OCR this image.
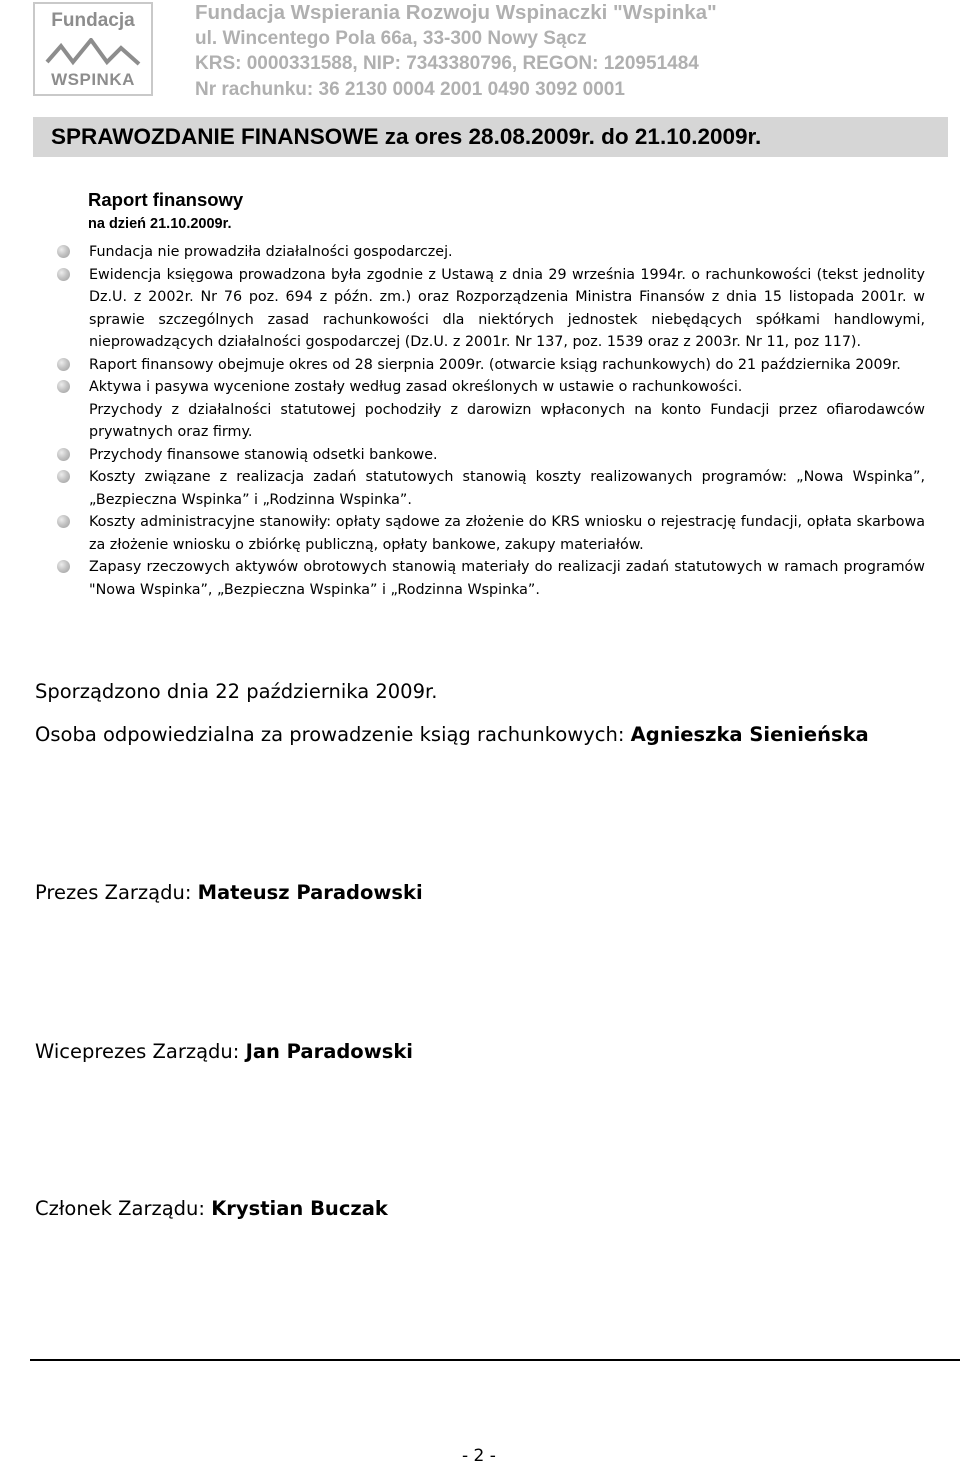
Fundacja
WSPINKA
Fundacja Wspierania Rozwoju Wspinaczki "Wspinka"
ul. Wincentego Pola 66a, 33-300 Nowy Sącz
KRS: 0000331588, NIP: 7343380796, REGON: 120951484
Nr rachunku: 36 2130 0004 2001 0490 3092 0001
SPRAWOZDANIE FINANSOWE za ores 28.08.2009r. do 21.10.2009r.
Raport finansowy
na dzień 21.10.2009r.
Fundacja nie prowadziła działalności gospodarczej.
Ewidencja księgowa prowadzona była zgodnie z Ustawą z dnia 29 września 1994r. o rachunkowości (tekst jednolity Dz.U. z 2002r. Nr 76 poz. 694 z późn. zm.) oraz Rozporządzenia Ministra Finansów z dnia 15 listopada 2001r. w sprawie szczególnych zasad rachunkowości dla niektórych jednostek niebędących spółkami handlowymi, nieprowadzących działalności gospodarczej (Dz.U. z 2001r. Nr 137, poz. 1539 oraz z 2003r. Nr 11, poz 117).
Raport finansowy obejmuje okres od 28 sierpnia 2009r. (otwarcie ksiąg rachunkowych) do 21 października 2009r.
Aktywa i pasywa wycenione zostały według zasad określonych w ustawie o rachunkowości.
Przychody z działalności statutowej pochodziły z darowizn wpłaconych na konto Fundacji przez ofiarodawców prywatnych oraz firmy.
Przychody finansowe stanowią odsetki bankowe.
Koszty związane z realizacja zadań statutowych stanowią koszty realizowanych programów: „Nowa Wspinka”, „Bezpieczna Wspinka” i „Rodzinna Wspinka”.
Koszty administracyjne stanowiły: opłaty sądowe za złożenie do KRS wniosku o rejestrację fundacji, opłata skarbowa za złożenie wniosku o zbiórkę publiczną, opłaty bankowe, zakupy materiałów.
Zapasy rzeczowych aktywów obrotowych stanowią materiały do realizacji zadań statutowych w ramach programów "Nowa Wspinka”, „Bezpieczna Wspinka” i „Rodzinna Wspinka”.
Sporządzono dnia 22 października 2009r.
Osoba odpowiedzialna za prowadzenie ksiąg rachunkowych: Agnieszka Sienieńska
Prezes Zarządu: Mateusz Paradowski
Wiceprezes Zarządu: Jan Paradowski
Członek Zarządu: Krystian Buczak
- 2 -
